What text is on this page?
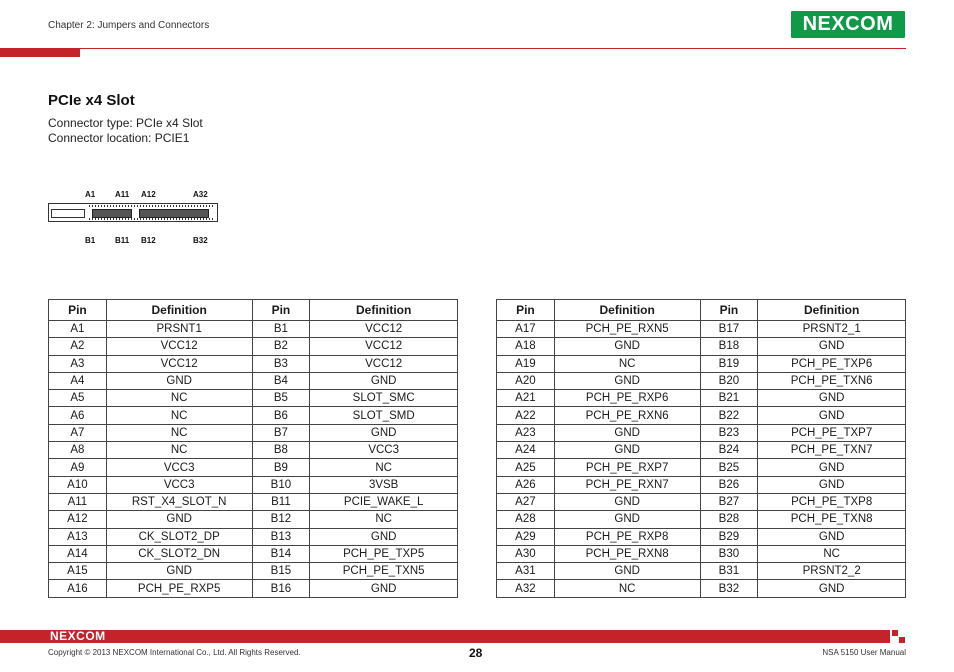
Chapter 2: Jumpers and Connectors	NEXCOM
PCIe x4 Slot
Connector type: PCIe x4 Slot
Connector location: PCIE1
A1 A11 A12	A32
B1 B11 B12	B32
Pin	Definition	Pin	Definition
A1	PRSNT1	B1	VCC12
A2	VCC12	B2	VCC12
A3	VCC12	B3	VCC12
A4	GND	B4	GND
A5	NC	B5	SLOT_SMC
A6	NC	B6	SLOT_SMD
A7	NC	B7	GND
A8	NC	B8	VCC3
A9	VCC3	B9	NC
A10	VCC3	B10	3VSB
A11	RST_X4_SLOT_N	B11	PCIE_WAKE_L
A12	GND	B12	NC
A13	CK_SLOT2_DP	B13	GND
A14	CK_SLOT2_DN	B14	PCH_PE_TXP5
A15	GND	B15	PCH_PE_TXN5
A16	PCH_PE_RXP5	B16	GND
Pin	Definition	Pin	Definition
A17	PCH_PE_RXN5	B17	PRSNT2_1
A18	GND	B18	GND
A19	NC	B19	PCH_PE_TXP6
A20	GND	B20	PCH_PE_TXN6
A21	PCH_PE_RXP6	B21	GND
A22	PCH_PE_RXN6	B22	GND
A23	GND	B23	PCH_PE_TXP7
A24	GND	B24	PCH_PE_TXN7
A25	PCH_PE_RXP7	B25	GND
A26	PCH_PE_RXN7	B26	GND
A27	GND	B27	PCH_PE_TXP8
A28	GND	B28	PCH_PE_TXN8
A29	PCH_PE_RXP8	B29	GND
A30	PCH_PE_RXN8	B30	NC
A31	GND	B31	PRSNT2_2
A32	NC	B32	GND
NEXCOM
Copyright © 2013 NEXCOM International Co., Ltd. All Rights Reserved.	28	NSA 5150 User Manual
